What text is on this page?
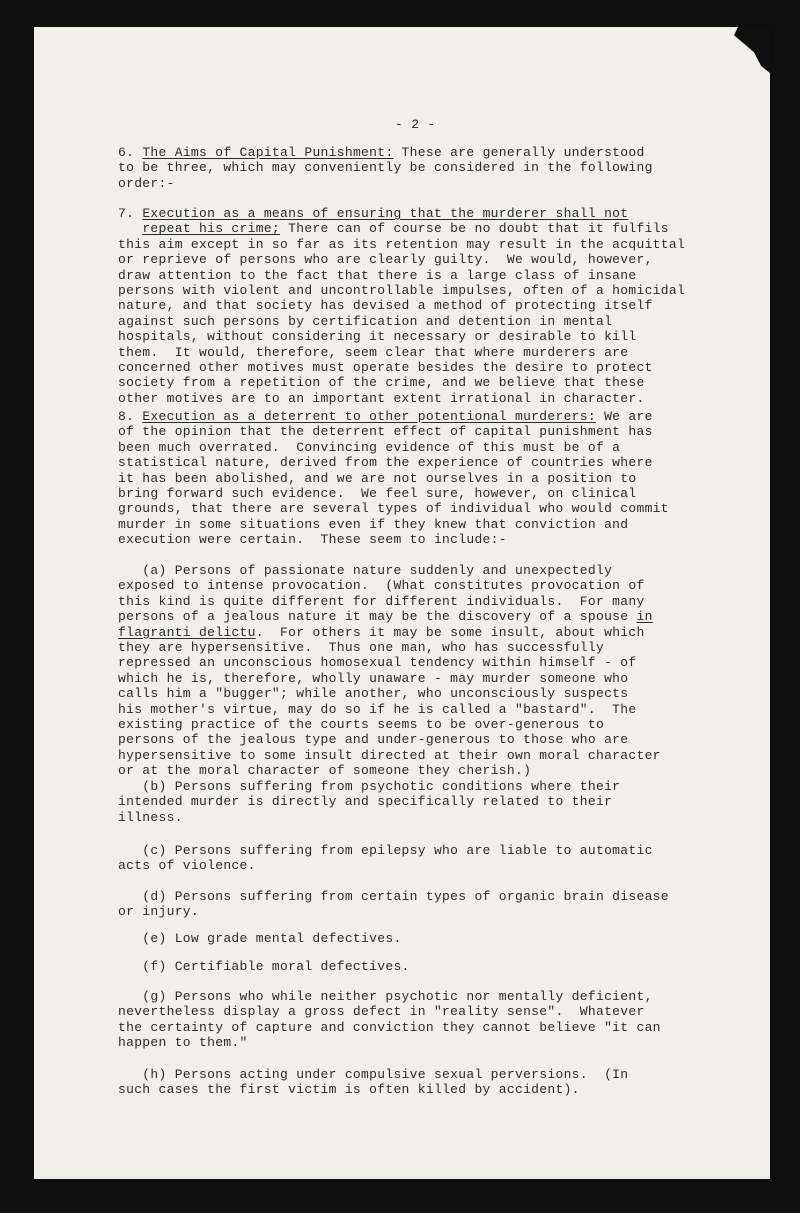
- 2 -
6. The Aims of Capital Punishment: These are generally understood
to be three, which may conveniently be considered in the following
order:-
7. Execution as a means of ensuring that the murderer shall not
repeat his crime; There can of course be no doubt that it fulfils
this aim except in so far as its retention may result in the acquittal
or reprieve of persons who are clearly guilty.  We would, however,
draw attention to the fact that there is a large class of insane
persons with violent and uncontrollable impulses, often of a homicidal
nature, and that society has devised a method of protecting itself
against such persons by certification and detention in mental
hospitals, without considering it necessary or desirable to kill
them.  It would, therefore, seem clear that where murderers are
concerned other motives must operate besides the desire to protect
society from a repetition of the crime, and we believe that these
other motives are to an important extent irrational in character.
8. Execution as a deterrent to other potentional murderers: We are
of the opinion that the deterrent effect of capital punishment has
been much overrated.  Convincing evidence of this must be of a
statistical nature, derived from the experience of countries where
it has been abolished, and we are not ourselves in a position to
bring forward such evidence.  We feel sure, however, on clinical
grounds, that there are several types of individual who would commit
murder in some situations even if they knew that conviction and
execution were certain.  These seem to include:-
(a) Persons of passionate nature suddenly and unexpectedly
exposed to intense provocation.  (What constitutes provocation of
this kind is quite different for different individuals.  For many
persons of a jealous nature it may be the discovery of a spouse in
flagranti delictu.  For others it may be some insult, about which
they are hypersensitive.  Thus one man, who has successfully
repressed an unconscious homosexual tendency within himself - of
which he is, therefore, wholly unaware - may murder someone who
calls him a "bugger"; while another, who unconsciously suspects
his mother's virtue, may do so if he is called a "bastard".  The
existing practice of the courts seems to be over-generous to
persons of the jealous type and under-generous to those who are
hypersensitive to some insult directed at their own moral character
or at the moral character of someone they cherish.)
(b) Persons suffering from psychotic conditions where their
intended murder is directly and specifically related to their
illness.
(c) Persons suffering from epilepsy who are liable to automatic
acts of violence.
(d) Persons suffering from certain types of organic brain disease
or injury.
(e) Low grade mental defectives.
(f) Certifiable moral defectives.
(g) Persons who while neither psychotic nor mentally deficient,
nevertheless display a gross defect in "reality sense".  Whatever
the certainty of capture and conviction they cannot believe "it can
happen to them."
(h) Persons acting under compulsive sexual perversions.  (In
such cases the first victim is often killed by accident).
